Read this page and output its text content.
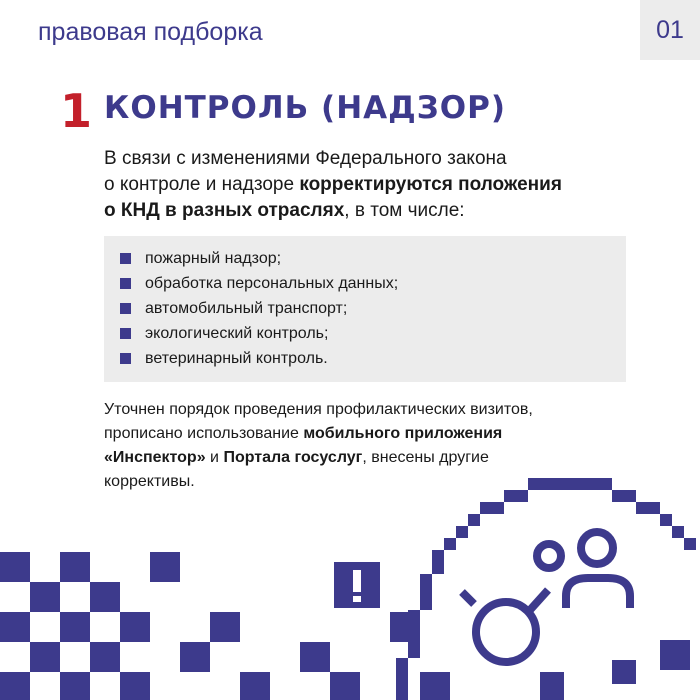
правовая подборка	01
1 КОНТРОЛЬ (НАДЗОР)
В связи с изменениями Федерального закона
о контроле и надзоре корректируются положения
о КНД в разных отраслях, в том числе:
пожарный надзор;
обработка персональных данных;
автомобильный транспорт;
экологический контроль;
ветеринарный контроль.
Уточнен порядок проведения профилактических визитов,
прописано использование мобильного приложения
«Инспектор» и Портала госуслуг, внесены другие
коррективы.
